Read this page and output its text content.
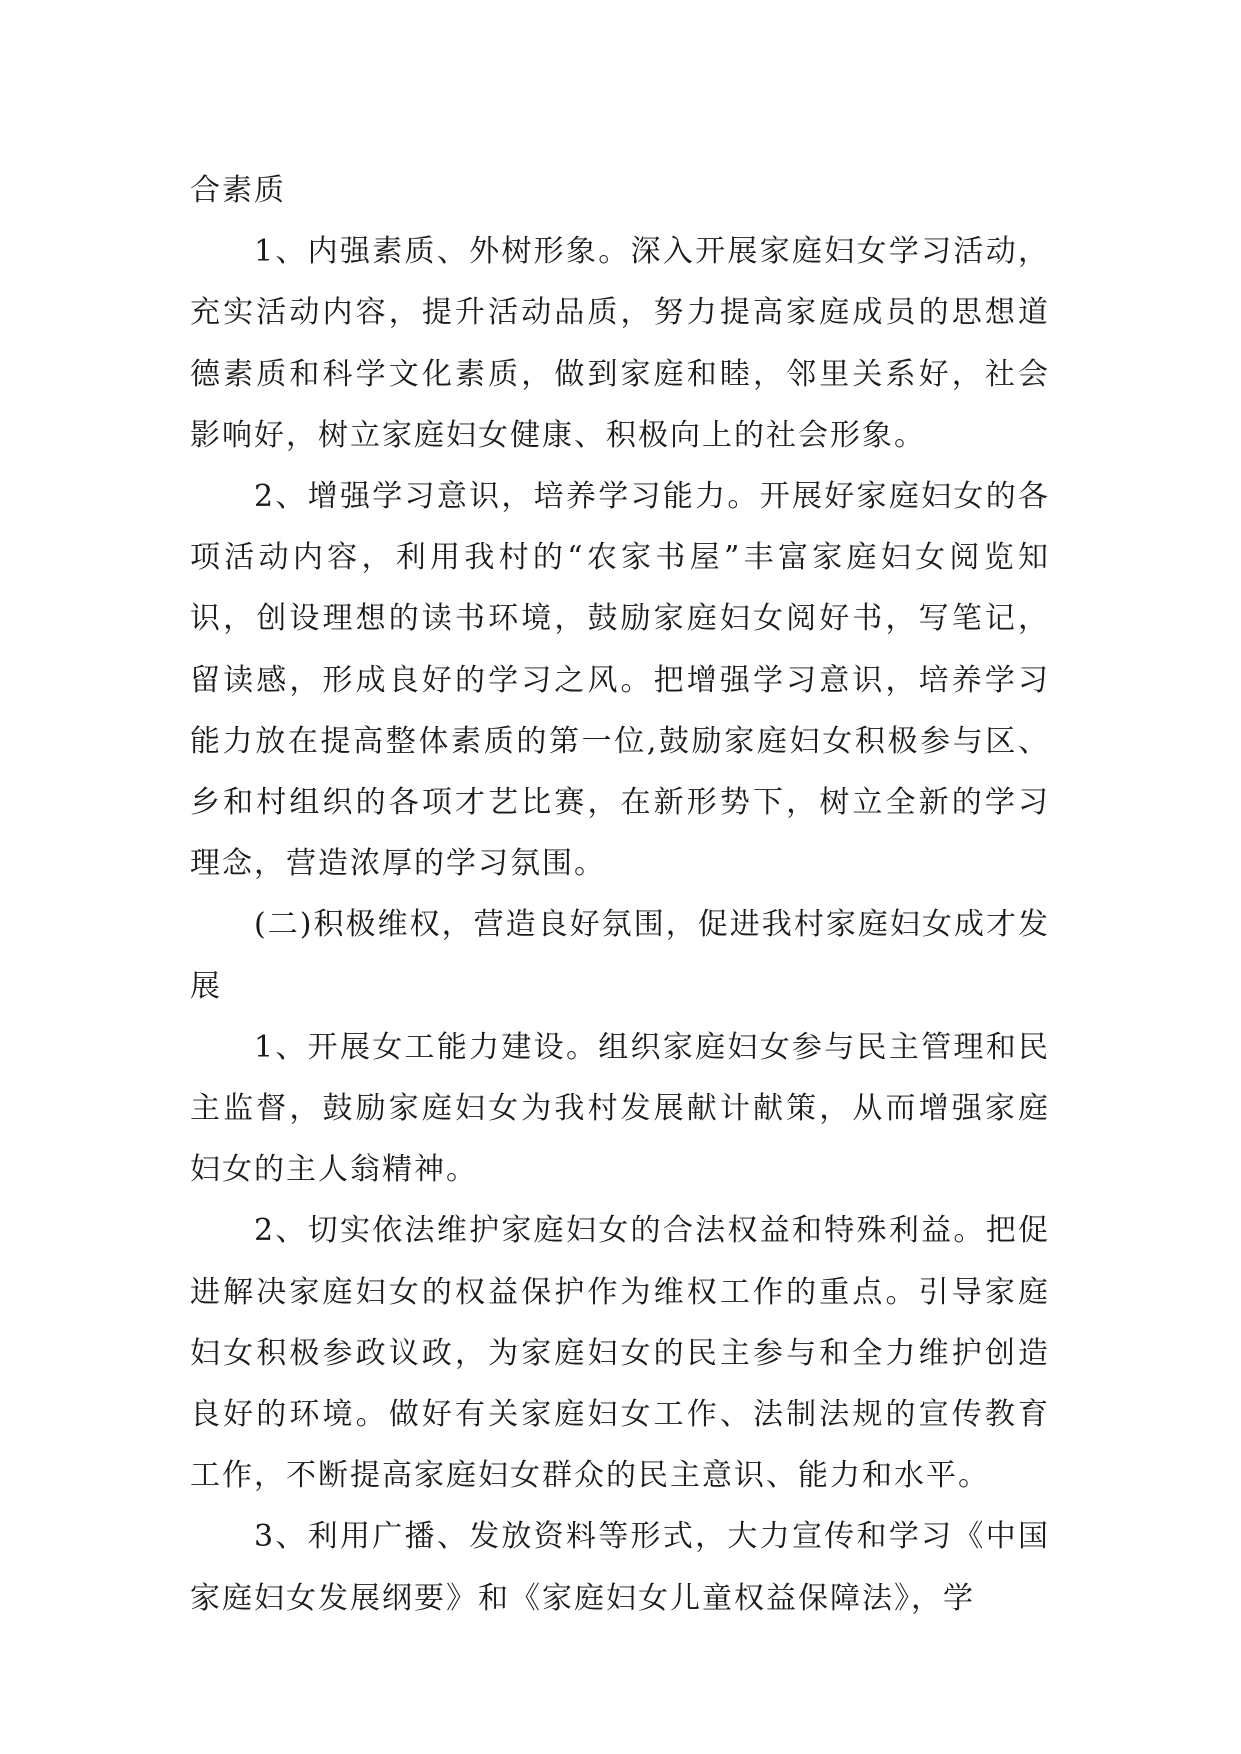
合素质

1、内强素质、外树形象。深入开展家庭妇女学习活动，充实活动内容，提升活动品质，努力提高家庭成员的思想道德素质和科学文化素质，做到家庭和睦，邻里关系好，社会影响好，树立家庭妇女健康、积极向上的社会形象。

2、增强学习意识，培养学习能力。开展好家庭妇女的各项活动内容，利用我村的“农家书屋”丰富家庭妇女阅览知识，创设理想的读书环境，鼓励家庭妇女阅好书，写笔记，留读感，形成良好的学习之风。把增强学习意识，培养学习能力放在提高整体素质的第一位,鼓励家庭妇女积极参与区、乡和村组织的各项才艺比赛，在新形势下，树立全新的学习理念，营造浓厚的学习氛围。

(二)积极维权，营造良好氛围，促进我村家庭妇女成才发展

1、开展女工能力建设。组织家庭妇女参与民主管理和民主监督，鼓励家庭妇女为我村发展献计献策，从而增强家庭妇女的主人翁精神。

2、切实依法维护家庭妇女的合法权益和特殊利益。把促进解决家庭妇女的权益保护作为维权工作的重点。引导家庭妇女积极参政议政，为家庭妇女的民主参与和全力维护创造良好的环境。做好有关家庭妇女工作、法制法规的宣传教育工作，不断提高家庭妇女群众的民主意识、能力和水平。

3、利用广播、发放资料等形式，大力宣传和学习《中国家庭妇女发展纲要》和《家庭妇女儿童权益保障法》，学
